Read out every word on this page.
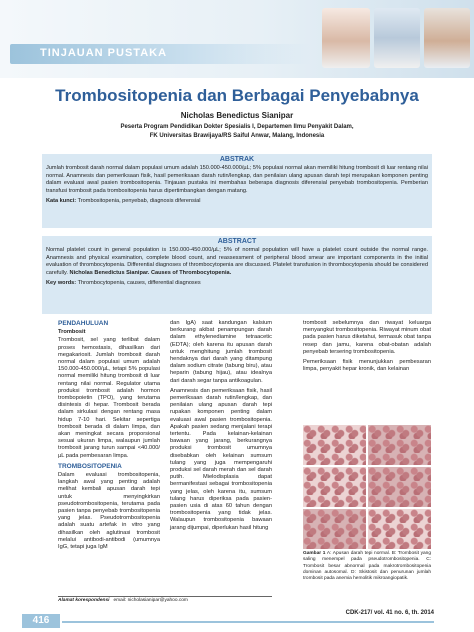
TINJAUAN PUSTAKA
Trombositopenia dan Berbagai Penyebabnya
Nicholas Benedictus Sianipar
Peserta Program Pendidikan Dokter Spesialis I, Departemen Ilmu Penyakit Dalam,
FK Universitas Brawijaya/RS Saiful Anwar, Malang, Indonesia
ABSTRAK

Jumlah trombosit darah normal dalam populasi umum adalah 150.000-450.000/µL; 5% populasi normal akan memiliki hitung trombosit di luar rentang nilai normal. Anamnesis dan pemeriksaan fisik, hasil pemeriksaan darah rutin/lengkap, dan penilaian ulang apusan darah tepi merupakan komponen penting dalam evaluasi awal pasien trombositopenia. Tinjauan pustaka ini membahas beberapa diagnosis diferensial penyebab trombositopenia. Pemberian transfusi trombosit pada trombositopenia harus dipertimbangkan dengan matang.

Kata kunci: Trombositopenia, penyebab, diagnosis diferensial

ABSTRACT

Normal platelet count in general population is 150.000-450.000/µL; 5% of normal population will have a platelet count outside the normal range. Anamnesis and physical examination, complete blood count, and reassessment of peripheral blood smear are important components in the initial evaluation of thrombocytopenia. Differential diagnoses of thrombocytopenia are discussed. Platelet transfusion in thrombocytopenia should be considered carefully. Nicholas Benedictus Sianipar. Causes of Thrombocytopenia.

Key words: Thrombocytopenia, causes, differential diagnoses

PENDAHULUAN
Trombosit

Trombosit, sel yang terlibat dalam proses hemostasis, dihasilkan dari megakariosit. Jumlah trombosit darah normal dalam populasi umum adalah 150.000-450.000/µL, tetapi 5% populasi normal memiliki hitung trombosit di luar rentang nilai normal. Regulator utama produksi trombosit adalah hormon trombopoietin (TPO), yang terutama disintesis di hepar. Trombosit berada dalam sirkulasi dengan rentang masa hidup 7-10 hari. Sekitar sepertiga trombosit berada di dalam limpa, dan akan meningkat secara proporsional sesuai ukuran limpa, walaupun jumlah trombosit jarang turun sampai <40.000/µL pada pembesaran limpa.

TROMBOSITOPENIA

Dalam evaluasi trombositopenia, langkah awal yang penting adalah melihat kembali apusan darah tepi untuk menyingkirkan pseudotrombositopenia, terutama pada pasien tanpa penyebab trombositopenia yang jelas. Pseudotrombositopenia adalah suatu artefak in vitro yang dihasilkan oleh aglutinasi trombosit melalui antibodi-antibodi (umumnya IgG, tetapi juga IgM

dan IgA) saat kandungan kalsium berkurang akibat penampungan darah dalam ethylenediamine tetraacetic (EDTA); oleh karena itu apusan darah untuk menghitung jumlah trombosit hendaknya dari darah yang ditampung dalam sodium citrate (tabung biru), atau heparin (tabung hijau), atau idealnya dari darah segar tanpa antikoagulan.

Anamnesis dan pemeriksaan fisik, hasil pemeriksaan darah rutin/lengkap, dan penilaian ulang apusan darah tepi rupakan komponen penting dalam evaluasi awal pasien trombositopenia. Apakah pasien sedang menjalani terapi tertentu. Pada kelainan-kelainan bawaan yang jarang, berkurangnya produksi trombosit umumnya disebabkan oleh kelainan sumsum tulang yang juga mempengaruhi produksi sel darah merah dan sel darah putih. Mielodisplasia dapat bermanifestasi sebagai trombositopenia yang jelas, oleh karena itu, sumsum tulang harus diperiksa pada pasien-pasien usia di atas 60 tahun dengan trombositopenia yang tidak jelas. Walaupun trombositopenia bawaan jarang dijumpai, diperlukan hasil hitung

trombosit sebelumnya dan riwayat keluarga menyangkut trombositopenia. Riwayat minum obat pada pasien harus diketahui, termasuk obat tanpa resep dan jamu, karena obat-obatan adalah penyebab tersering trombositopenia.

Pemeriksaan fisik menunjukkan pembesaran limpa, penyakit hepar kronik, dan kelainan

Gambar 1 A: Apusan darah tepi normal. B: Trombosit yang saling menempel pada pseudotrombositopenia. C: Trombosit besar abnormal pada makrotrombositopenia dominan autosomal. D: Skistosit dan penurunan jumlah trombosit pada anemia hemolitik mikroangiopatik.
Alamat korespondensi email: nicholasianipar@yahoo.com
416
CDK-217/ vol. 41 no. 6, th. 2014
